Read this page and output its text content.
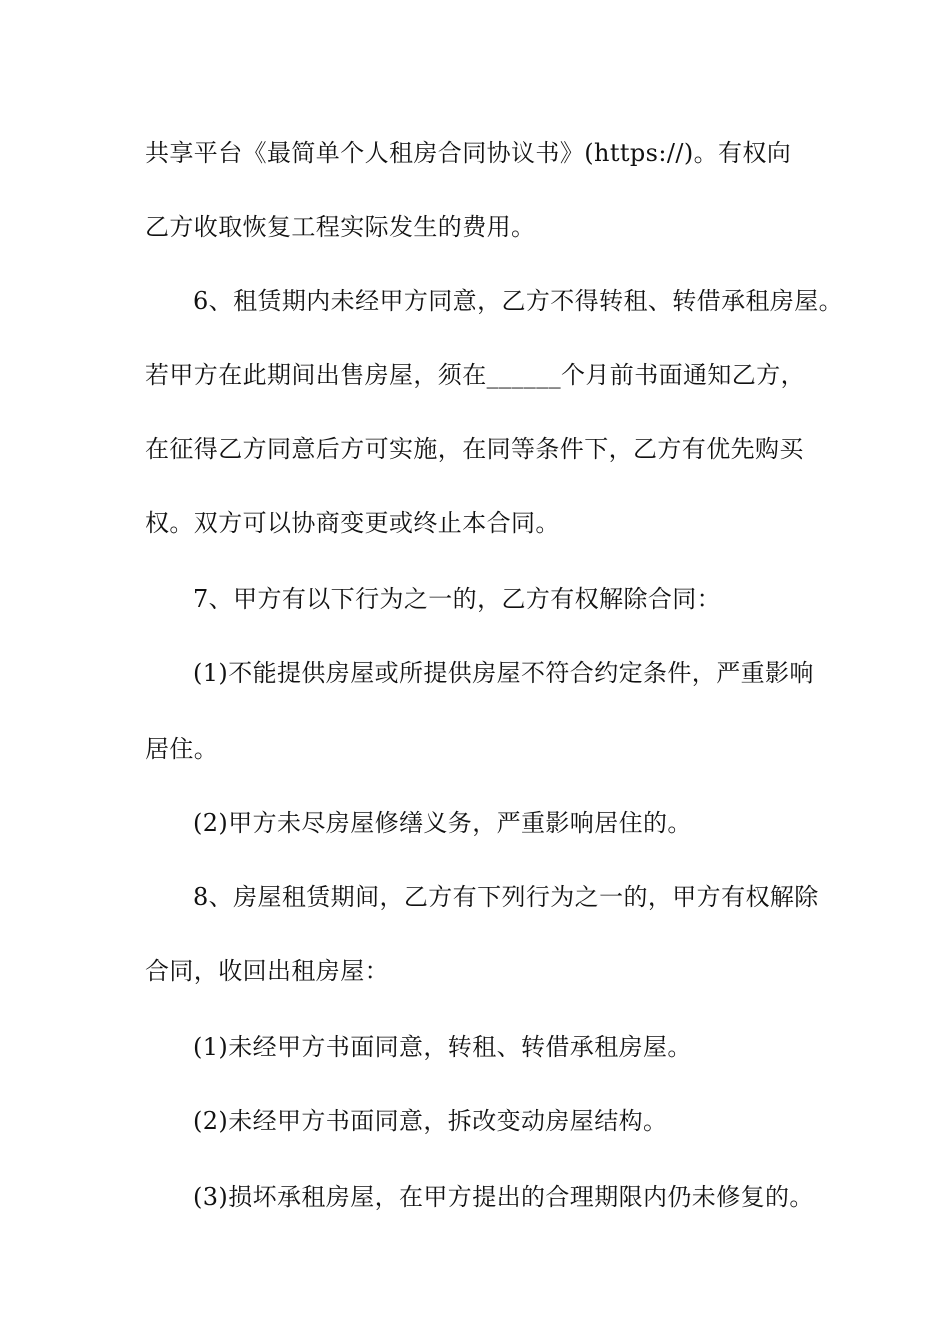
共享平台《最简单个人租房合同协议书》(https://)。有权向
乙方收取恢复工程实际发生的费用。
6、租赁期内未经甲方同意，乙方不得转租、转借承租房屋。
若甲方在此期间出售房屋，须在______个月前书面通知乙方，
在征得乙方同意后方可实施，在同等条件下，乙方有优先购买
权。双方可以协商变更或终止本合同。
7、甲方有以下行为之一的，乙方有权解除合同：
(1)不能提供房屋或所提供房屋不符合约定条件，严重影响
居住。
(2)甲方未尽房屋修缮义务，严重影响居住的。
8、房屋租赁期间，乙方有下列行为之一的，甲方有权解除
合同，收回出租房屋：
(1)未经甲方书面同意，转租、转借承租房屋。
(2)未经甲方书面同意，拆改变动房屋结构。
(3)损坏承租房屋，在甲方提出的合理期限内仍未修复的。
